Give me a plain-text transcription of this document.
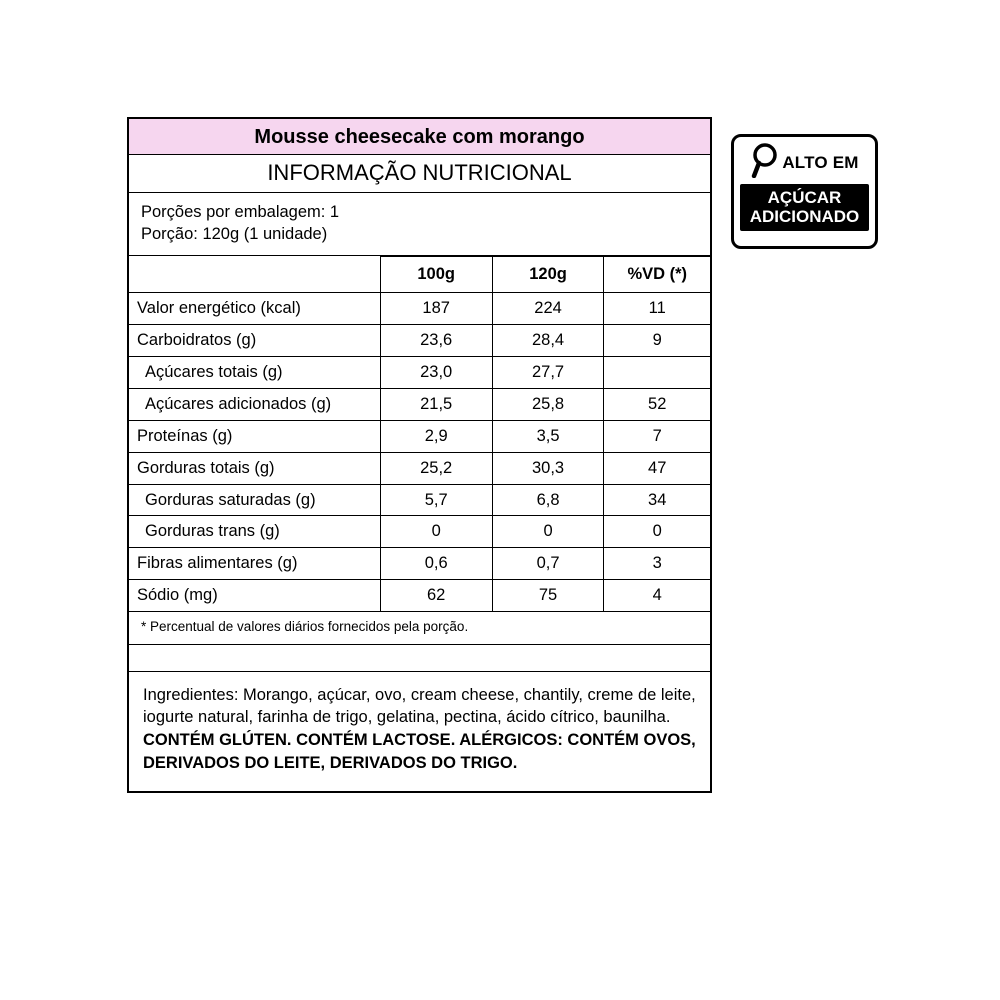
Mousse cheesecake com morango
INFORMAÇÃO NUTRICIONAL
Porções por embalagem: 1
Porção: 120g (1 unidade)
	100g	120g	%VD (*)
Valor energético (kcal)	187	224	11
Carboidratos (g)	23,6	28,4	9
Açúcares totais (g)	23,0	27,7	
Açúcares adicionados (g)	21,5	25,8	52
Proteínas (g)	2,9	3,5	7
Gorduras totais (g)	25,2	30,3	47
Gorduras saturadas (g)	5,7	6,8	34
Gorduras trans (g)	0	0	0
Fibras alimentares (g)	0,6	0,7	3
Sódio (mg)	62	75	4
* Percentual de valores diários fornecidos pela porção.
Ingredientes: Morango, açúcar, ovo, cream cheese, chantily, creme de leite, iogurte natural, farinha de trigo, gelatina, pectina, ácido cítrico, baunilha. CONTÉM GLÚTEN. CONTÉM LACTOSE. ALÉRGICOS: CONTÉM OVOS, DERIVADOS DO LEITE, DERIVADOS DO TRIGO.
ALTO EM
AÇÚCAR
ADICIONADO
